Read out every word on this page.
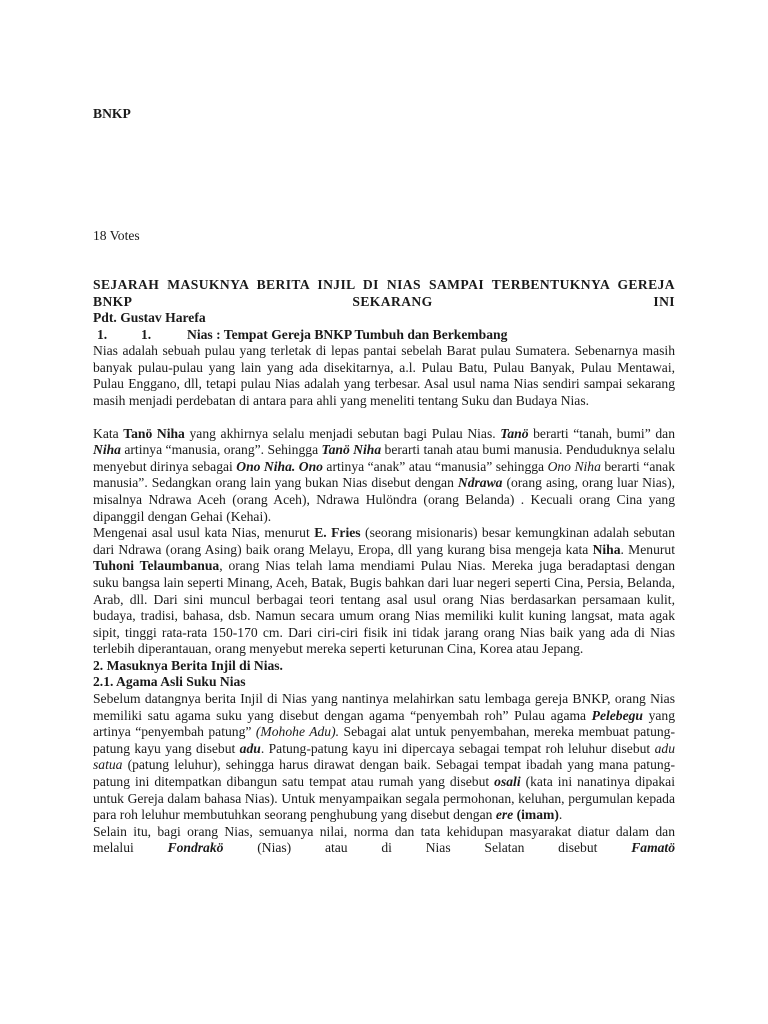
BNKP
18 Votes
SEJARAH MASUKNYA BERITA INJIL DI NIAS SAMPAI TERBENTUKNYA GEREJA BNKP SEKARANG INI
Pdt. Gustav Harefa
1. 1.	Nias : Tempat Gereja BNKP Tumbuh dan Berkembang

Nias adalah sebuah pulau yang terletak di lepas pantai sebelah Barat pulau Sumatera. Sebenarnya masih banyak pulau-pulau yang lain yang ada disekitarnya, a.l. Pulau Batu, Pulau Banyak, Pulau Mentawai, Pulau Enggano, dll, tetapi pulau Nias adalah yang terbesar. Asal usul nama Nias sendiri sampai sekarang masih menjadi perdebatan di antara para ahli yang meneliti tentang Suku dan Budaya Nias.

Kata Tanö Niha yang akhirnya selalu menjadi sebutan bagi Pulau Nias. Tanö berarti “tanah, bumi” dan Niha artinya “manusia, orang”. Sehingga Tanö Niha berarti tanah atau bumi manusia. Penduduknya selalu menyebut dirinya sebagai Ono Niha. Ono artinya “anak” atau “manusia” sehingga Ono Niha berarti “anak manusia”. Sedangkan orang lain yang bukan Nias disebut dengan Ndrawa (orang asing, orang luar Nias), misalnya Ndrawa Aceh (orang Aceh), Ndrawa Hulöndra (orang Belanda) . Kecuali orang Cina yang dipanggil dengan Gehai (Kehai).

Mengenai asal usul kata Nias, menurut E. Fries (seorang misionaris) besar kemungkinan adalah sebutan dari Ndrawa (orang Asing) baik orang Melayu, Eropa, dll yang kurang bisa mengeja kata Niha. Menurut Tuhoni Telaumbanua, orang Nias telah lama mendiami Pulau Nias. Mereka juga beradaptasi dengan suku bangsa lain seperti Minang, Aceh, Batak, Bugis bahkan dari luar negeri seperti Cina, Persia, Belanda, Arab, dll. Dari sini muncul berbagai teori tentang asal usul orang Nias berdasarkan persamaan kulit, budaya, tradisi, bahasa, dsb. Namun secara umum orang Nias memiliki kulit kuning langsat, mata agak sipit, tinggi rata-rata 150-170 cm. Dari ciri-ciri fisik ini tidak jarang orang Nias baik yang ada di Nias terlebih diperantauan, orang menyebut mereka seperti keturunan Cina, Korea atau Jepang.

2. Masuknya Berita Injil di Nias.
2.1. Agama Asli Suku Nias

Sebelum datangnya berita Injil di Nias yang nantinya melahirkan satu lembaga gereja BNKP, orang Nias memiliki satu agama suku yang disebut dengan agama “penyembah roh” Pulau agama Pelebegu yang artinya “penyembah patung” (Mohohe Adu). Sebagai alat untuk penyembahan, mereka membuat patung-patung kayu yang disebut adu. Patung-patung kayu ini dipercaya sebagai tempat roh leluhur disebut adu satua (patung leluhur), sehingga harus dirawat dengan baik. Sebagai tempat ibadah yang mana patung-patung ini ditempatkan dibangun satu tempat atau rumah yang disebut osali (kata ini nanatinya dipakai untuk Gereja dalam bahasa Nias). Untuk menyampaikan segala permohonan, keluhan, pergumulan kepada para roh leluhur membutuhkan seorang penghubung yang disebut dengan ere (imam).

Selain itu, bagi orang Nias, semuanya nilai, norma dan tata kehidupan masyarakat diatur dalam dan melalui Fondrakö (Nias) atau di Nias Selatan disebut Famatö
